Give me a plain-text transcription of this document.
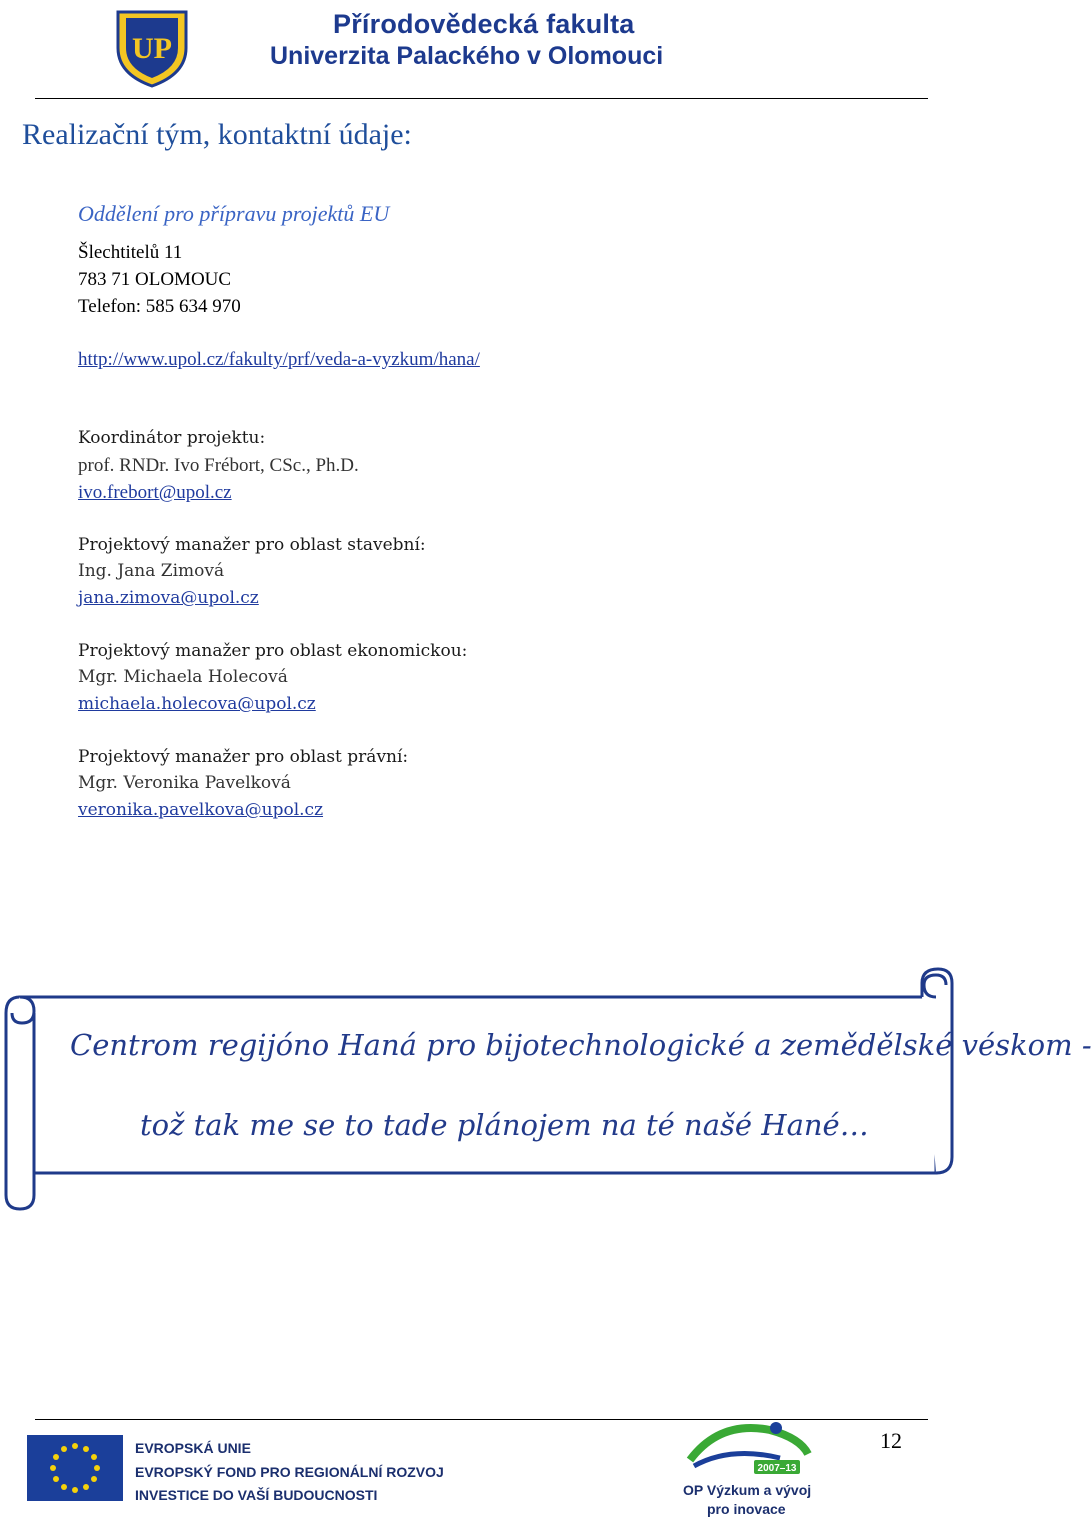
UP
Přírodovědecká fakulta
Univerzita Palackého v Olomouci
Realizační tým, kontaktní údaje:
Oddělení pro přípravu projektů EU
Šlechtitelů 11
783 71 OLOMOUC
Telefon: 585 634 970
http://www.upol.cz/fakulty/prf/veda-a-vyzkum/hana/
Koordinátor projektu:
prof. RNDr. Ivo Frébort, CSc., Ph.D.
ivo.frebort@upol.cz
Projektový manažer pro oblast stavební:
Ing. Jana Zimová
jana.zimova@upol.cz
Projektový manažer pro oblast ekonomickou:
Mgr. Michaela Holecová
michaela.holecova@upol.cz
Projektový manažer pro oblast právní:
Mgr. Veronika Pavelková
veronika.pavelkova@upol.cz
Centrom regijóno Haná pro bijotechnologické a zemědělské véskom -
tož tak me se to tade plánojem na té našé Hané…
EVROPSKÁ UNIE
EVROPSKÝ FOND PRO REGIONÁLNÍ ROZVOJ
INVESTICE DO VAŠÍ BUDOUCNOSTI
2007–13
OP Výzkum a vývoj
pro inovace
12
